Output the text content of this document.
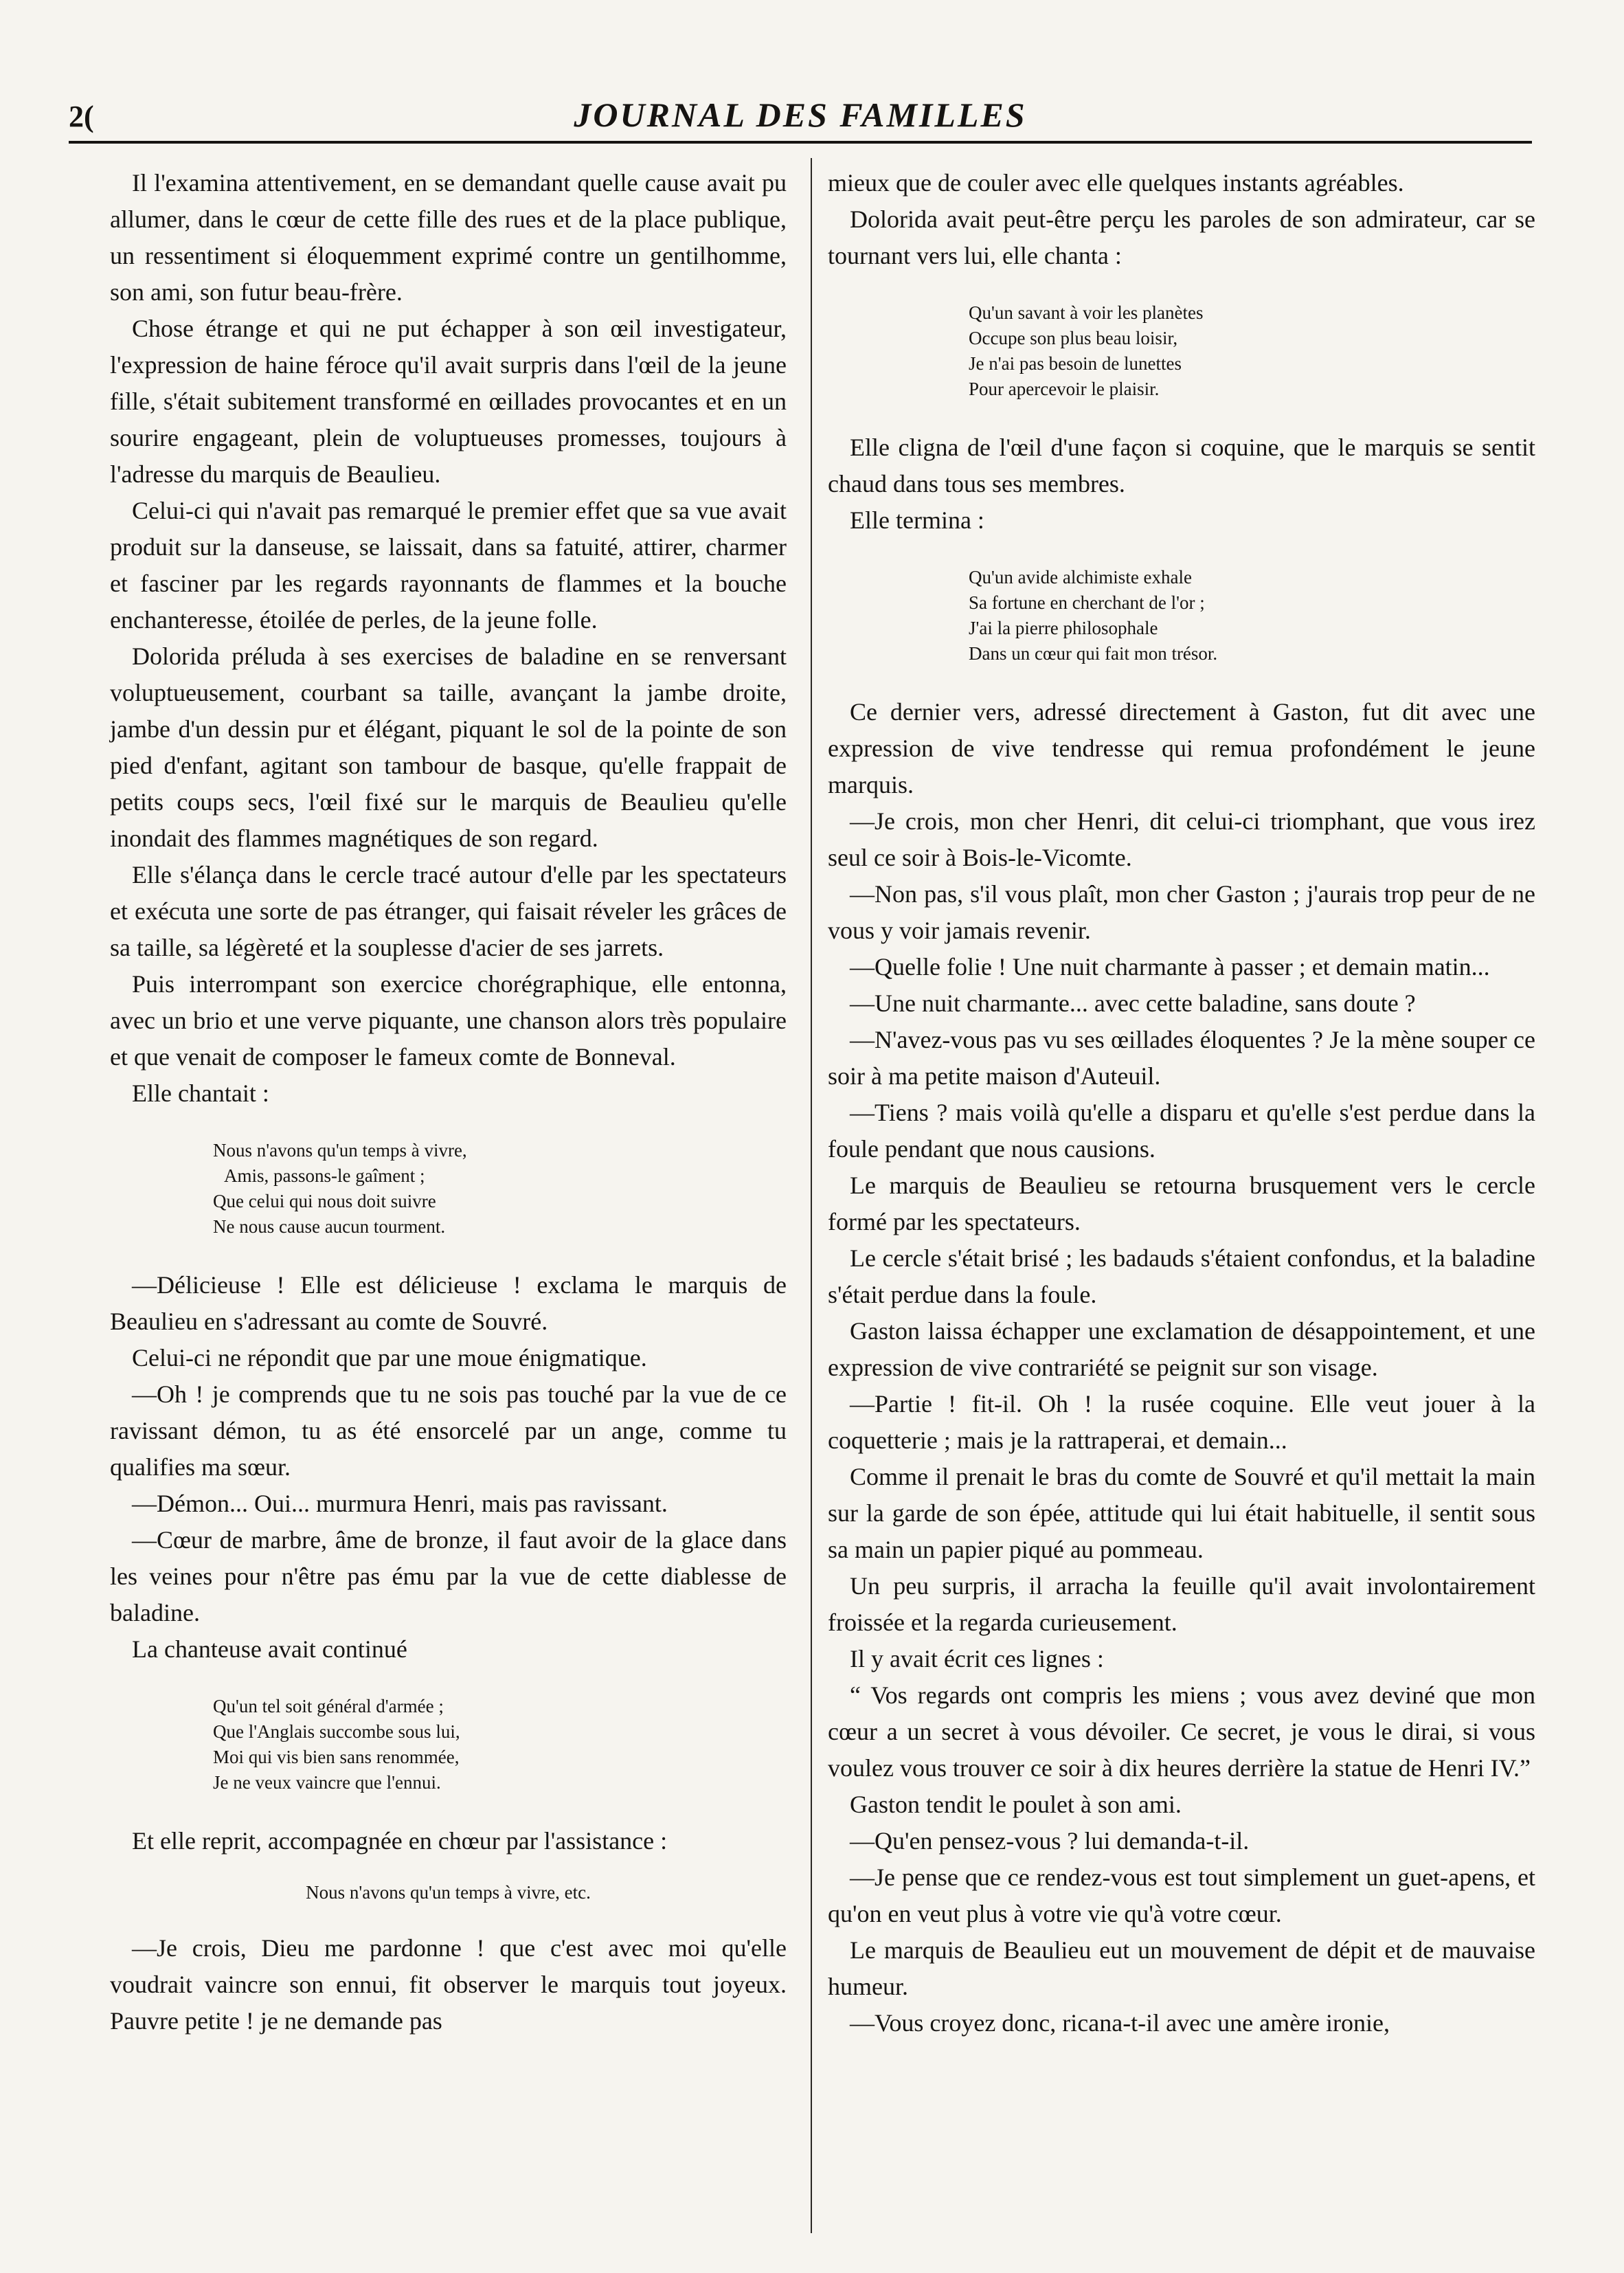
2(	JOURNAL DES FAMILLES

Il l'examina attentivement, en se demandant quelle cause avait pu allumer, dans le cœur de cette fille des rues et de la place publique, un ressentiment si éloquemment exprimé contre un gentilhomme, son ami, son futur beau-frère.

Chose étrange et qui ne put échapper à son œil investigateur, l'expression de haine féroce qu'il avait surpris dans l'œil de la jeune fille, s'était subitement transformé en œillades provocantes et en un sourire engageant, plein de voluptueuses promesses, toujours à l'adresse du marquis de Beaulieu.

Celui-ci qui n'avait pas remarqué le premier effet que sa vue avait produit sur la danseuse, se laissait, dans sa fatuité, attirer, charmer et fasciner par les regards rayonnants de flammes et la bouche enchanteresse, étoilée de perles, de la jeune folle.

Dolorida préluda à ses exercises de baladine en se renversant voluptueusement, courbant sa taille, avançant la jambe droite, jambe d'un dessin pur et élégant, piquant le sol de la pointe de son pied d'enfant, agitant son tambour de basque, qu'elle frappait de petits coups secs, l'œil fixé sur le marquis de Beaulieu qu'elle inondait des flammes magnétiques de son regard.

Elle s'élança dans le cercle tracé autour d'elle par les spectateurs et exécuta une sorte de pas étranger, qui faisait réveler les grâces de sa taille, sa légèreté et la souplesse d'acier de ses jarrets.

Puis interrompant son exercice chorégraphique, elle entonna, avec un brio et une verve piquante, une chanson alors très populaire et que venait de composer le fameux comte de Bonneval.

Elle chantait :

Nous n'avons qu'un temps à vivre,
Amis, passons-le gaîment ;
Que celui qui nous doit suivre
Ne nous cause aucun tourment.

—Délicieuse ! Elle est délicieuse ! exclama le marquis de Beaulieu en s'adressant au comte de Souvré.

Celui-ci ne répondit que par une moue énigmatique.

—Oh ! je comprends que tu ne sois pas touché par la vue de ce ravissant démon, tu as été ensorcelé par un ange, comme tu qualifies ma sœur.

—Démon... Oui... murmura Henri, mais pas ravissant.

—Cœur de marbre, âme de bronze, il faut avoir de la glace dans les veines pour n'être pas ému par la vue de cette diablesse de baladine.

La chanteuse avait continué

Qu'un tel soit général d'armée ;
Que l'Anglais succombe sous lui,
Moi qui vis bien sans renommée,
Je ne veux vaincre que l'ennui.

Et elle reprit, accompagnée en chœur par l'assistance :

Nous n'avons qu'un temps à vivre, etc.

—Je crois, Dieu me pardonne ! que c'est avec moi qu'elle voudrait vaincre son ennui, fit observer le marquis tout joyeux. Pauvre petite ! je ne demande pas

mieux que de couler avec elle quelques instants agréables.

Dolorida avait peut-être perçu les paroles de son admirateur, car se tournant vers lui, elle chanta :

Qu'un savant à voir les planètes
Occupe son plus beau loisir,
Je n'ai pas besoin de lunettes
Pour apercevoir le plaisir.

Elle cligna de l'œil d'une façon si coquine, que le marquis se sentit chaud dans tous ses membres.

Elle termina :

Qu'un avide alchimiste exhale
Sa fortune en cherchant de l'or ;
J'ai la pierre philosophale
Dans un cœur qui fait mon trésor.

Ce dernier vers, adressé directement à Gaston, fut dit avec une expression de vive tendresse qui remua profondément le jeune marquis.

—Je crois, mon cher Henri, dit celui-ci triomphant, que vous irez seul ce soir à Bois-le-Vicomte.

—Non pas, s'il vous plaît, mon cher Gaston ; j'aurais trop peur de ne vous y voir jamais revenir.

—Quelle folie ! Une nuit charmante à passer ; et demain matin...

—Une nuit charmante... avec cette baladine, sans doute ?

—N'avez-vous pas vu ses œillades éloquentes ? Je la mène souper ce soir à ma petite maison d'Auteuil.

—Tiens ? mais voilà qu'elle a disparu et qu'elle s'est perdue dans la foule pendant que nous causions.

Le marquis de Beaulieu se retourna brusquement vers le cercle formé par les spectateurs.

Le cercle s'était brisé ; les badauds s'étaient confondus, et la baladine s'était perdue dans la foule.

Gaston laissa échapper une exclamation de désappointement, et une expression de vive contrariété se peignit sur son visage.

—Partie ! fit-il. Oh ! la rusée coquine. Elle veut jouer à la coquetterie ; mais je la rattraperai, et demain...

Comme il prenait le bras du comte de Souvré et qu'il mettait la main sur la garde de son épée, attitude qui lui était habituelle, il sentit sous sa main un papier piqué au pommeau.

Un peu surpris, il arracha la feuille qu'il avait involontairement froissée et la regarda curieusement.

Il y avait écrit ces lignes :

“ Vos regards ont compris les miens ; vous avez deviné que mon cœur a un secret à vous dévoiler. Ce secret, je vous le dirai, si vous voulez vous trouver ce soir à dix heures derrière la statue de Henri IV.”

Gaston tendit le poulet à son ami.

—Qu'en pensez-vous ? lui demanda-t-il.

—Je pense que ce rendez-vous est tout simplement un guet-apens, et qu'on en veut plus à votre vie qu'à votre cœur.

Le marquis de Beaulieu eut un mouvement de dépit et de mauvaise humeur.

—Vous croyez donc, ricana-t-il avec une amère ironie,
